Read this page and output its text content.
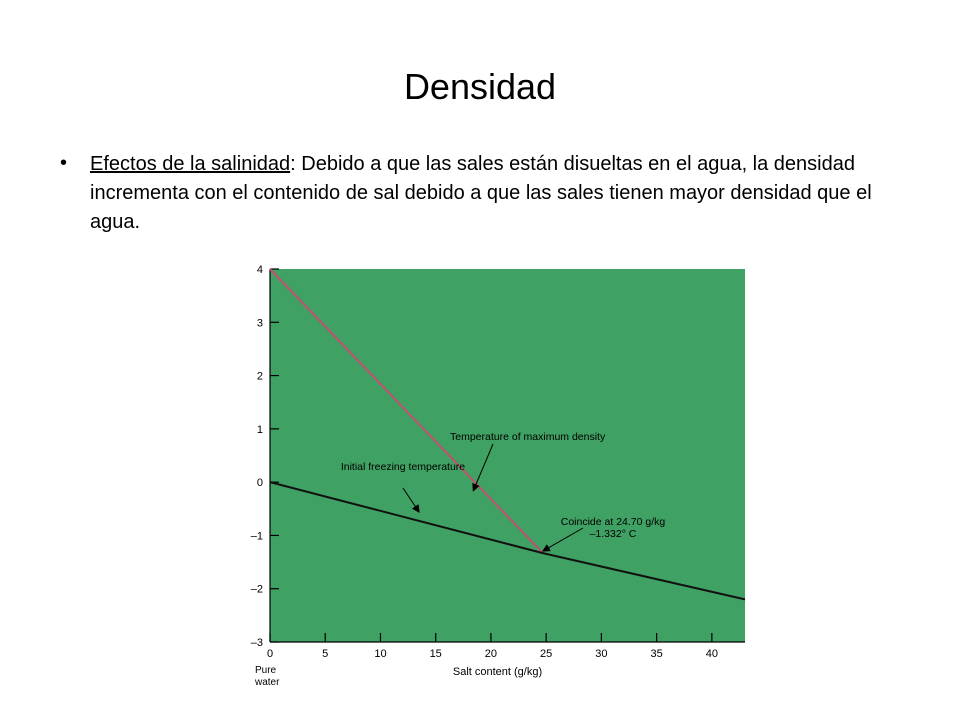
Densidad
• Efectos de la salinidad: Debido a que las sales están disueltas en el agua, la densidad incrementa con el contenido de sal debido a que las sales tienen mayor densidad que el agua.
4
3
2
1
0
–1
–2
–3
0	5	10	15	20	25	30	35	40
Pure
water
Salt content (g/kg)
Temperature of maximum density
Initial freezing temperature
Coincide at 24.70 g/kg
–1.332° C
